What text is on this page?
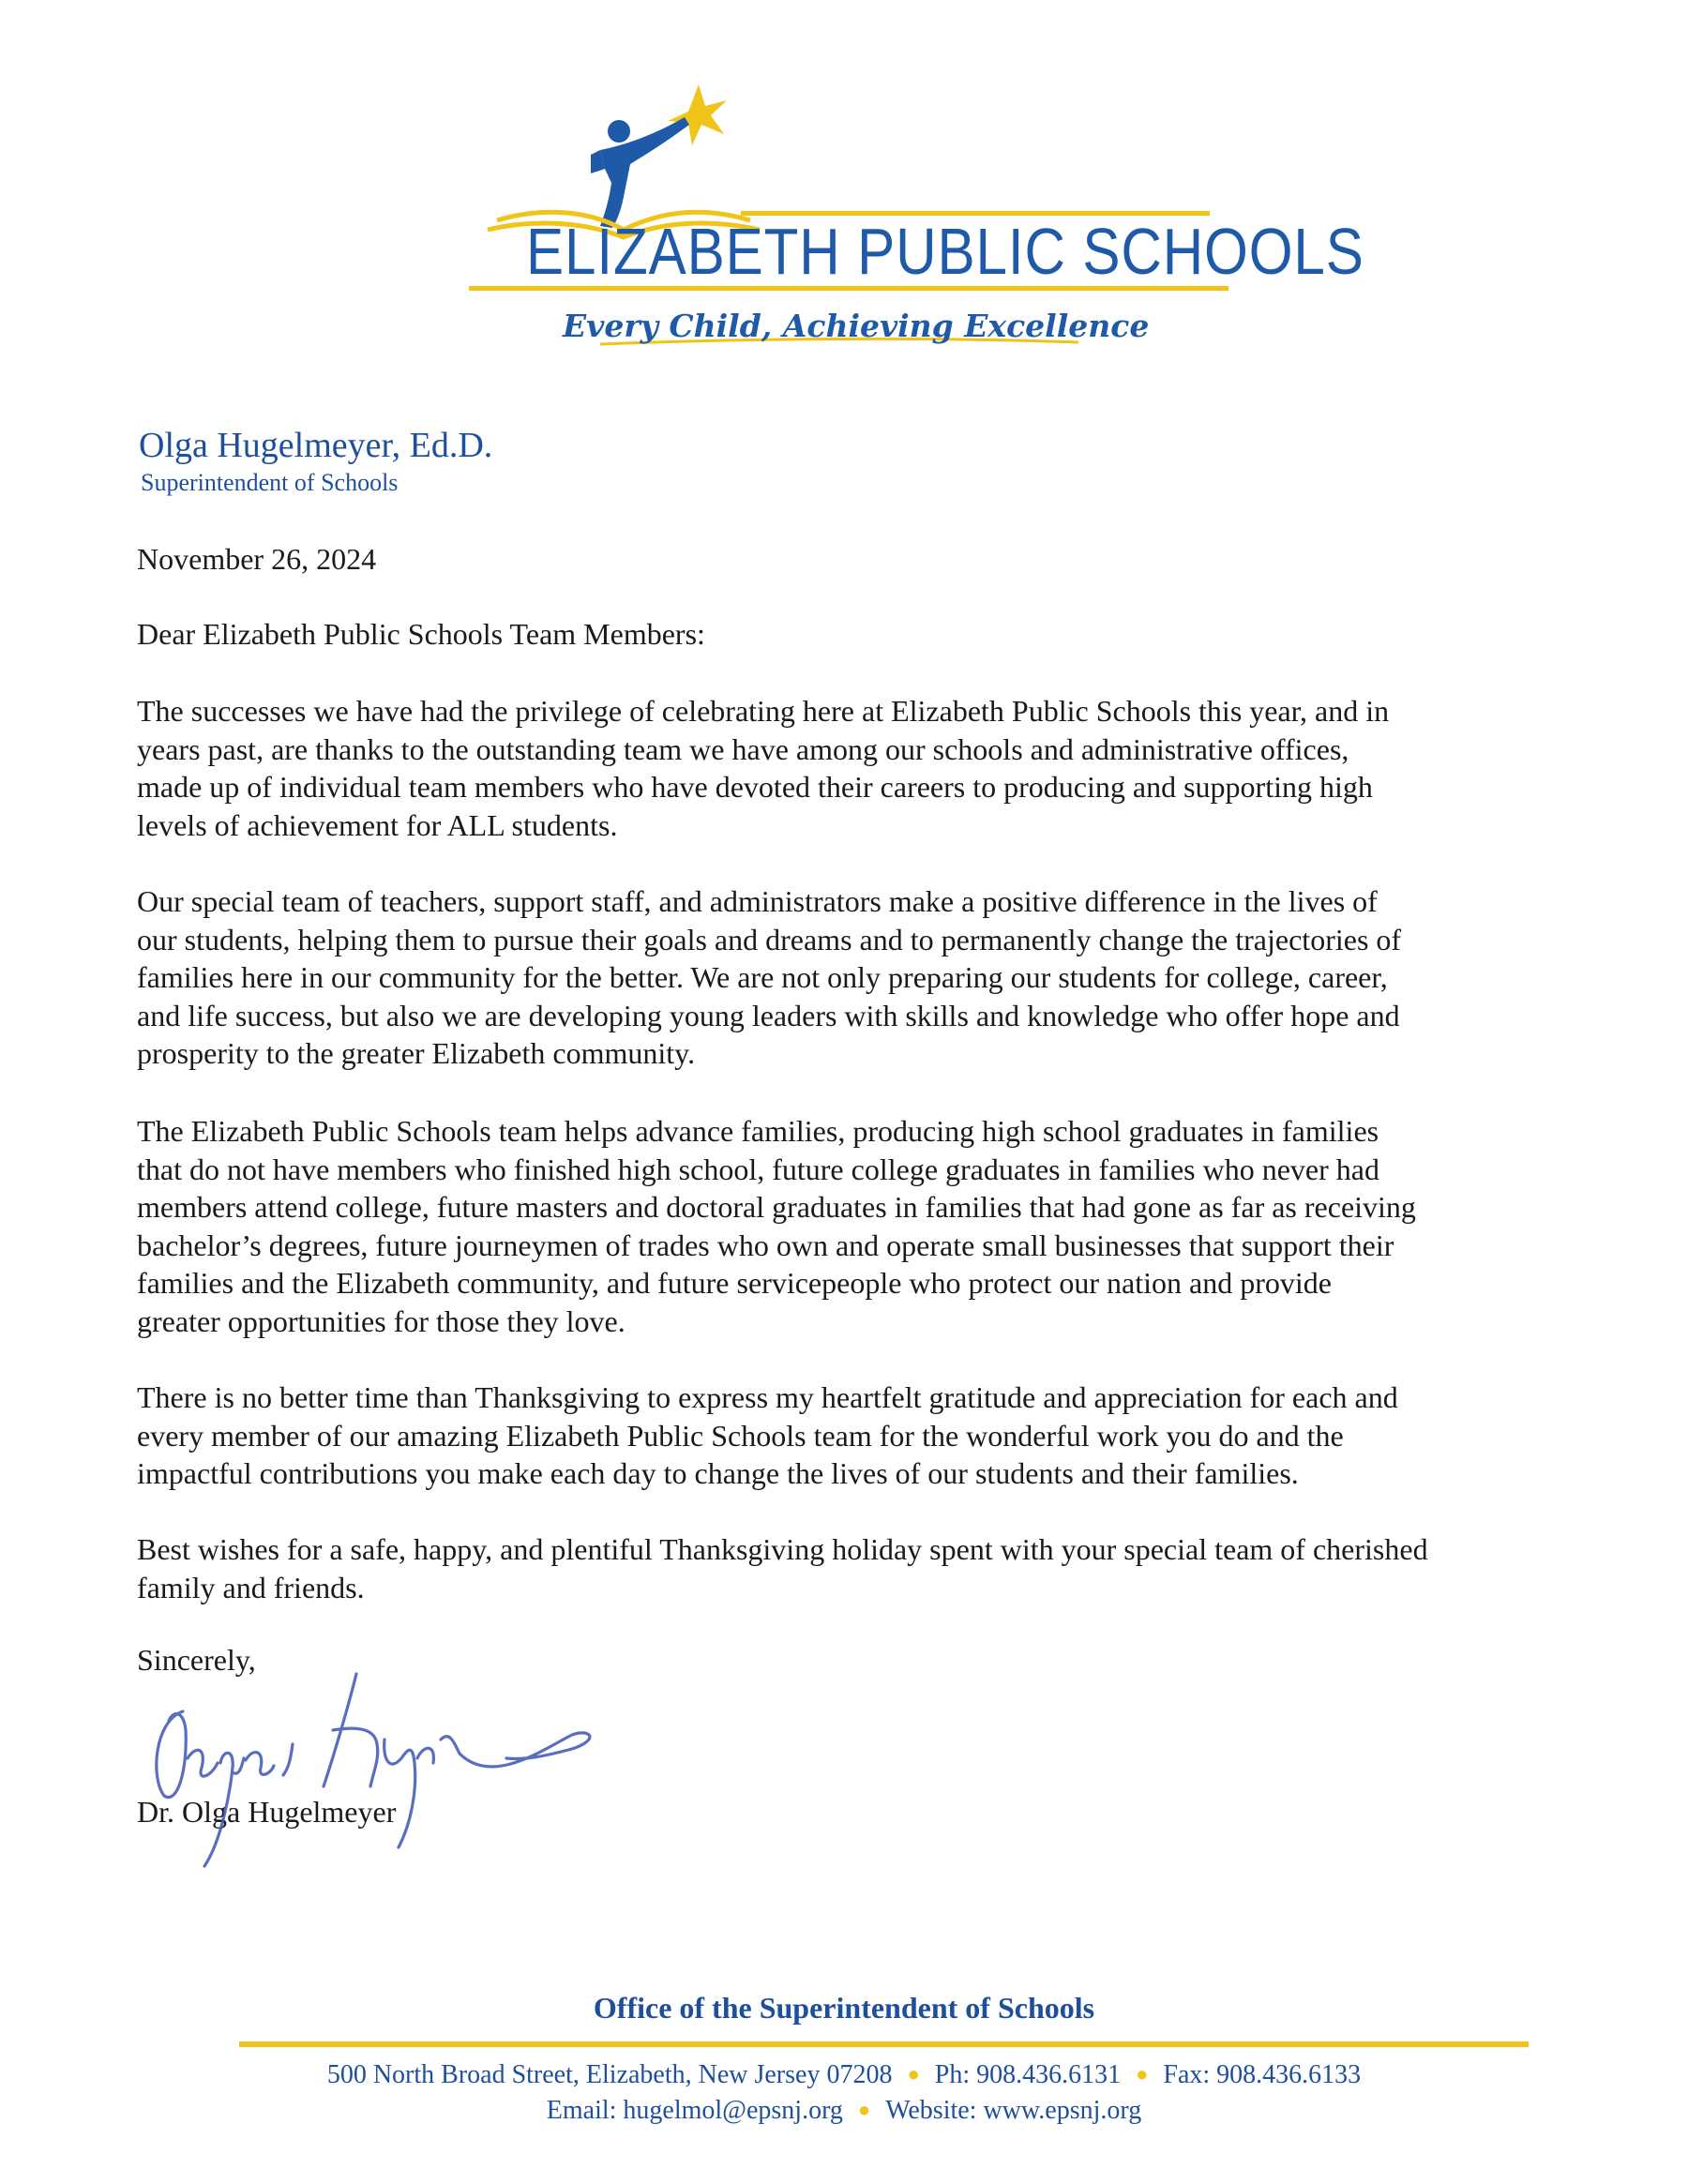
ELIZABETH PUBLIC SCHOOLS
Every Child, Achieving Excellence
Olga Hugelmeyer, Ed.D.
Superintendent of Schools
November 26, 2024
Dear Elizabeth Public Schools Team Members:
The successes we have had the privilege of celebrating here at Elizabeth Public Schools this year, and in
years past, are thanks to the outstanding team we have among our schools and administrative offices,
made up of individual team members who have devoted their careers to producing and supporting high
levels of achievement for ALL students.
Our special team of teachers, support staff, and administrators make a positive difference in the lives of
our students, helping them to pursue their goals and dreams and to permanently change the trajectories of
families here in our community for the better. We are not only preparing our students for college, career,
and life success, but also we are developing young leaders with skills and knowledge who offer hope and
prosperity to the greater Elizabeth community.
The Elizabeth Public Schools team helps advance families, producing high school graduates in families
that do not have members who finished high school, future college graduates in families who never had
members attend college, future masters and doctoral graduates in families that had gone as far as receiving
bachelor’s degrees, future journeymen of trades who own and operate small businesses that support their
families and the Elizabeth community, and future servicepeople who protect our nation and provide
greater opportunities for those they love.
There is no better time than Thanksgiving to express my heartfelt gratitude and appreciation for each and
every member of our amazing Elizabeth Public Schools team for the wonderful work you do and the
impactful contributions you make each day to change the lives of our students and their families.
Best wishes for a safe, happy, and plentiful Thanksgiving holiday spent with your special team of cherished
family and friends.
Sincerely,
Dr. Olga Hugelmeyer
Office of the Superintendent of Schools
500 North Broad Street, Elizabeth, New Jersey 07208 ● Ph: 908.436.6131 ● Fax: 908.436.6133
Email: hugelmol@epsnj.org ● Website: www.epsnj.org
